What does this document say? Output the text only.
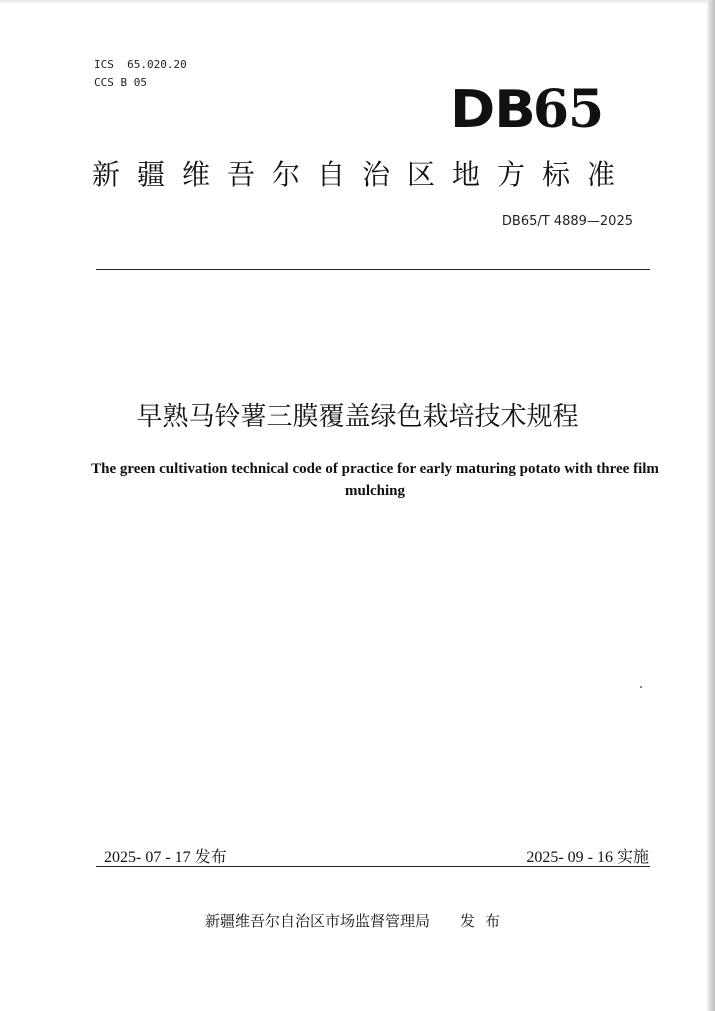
ICS  65.020.20
CCS B 05	DB65
新疆维吾尔自治区地方标准
DB65/T 4889—2025
早熟马铃薯三膜覆盖绿色栽培技术规程
The green cultivation technical code of practice for early maturing potato with three film mulching
2025- 07 - 17 发布	2025- 09 - 16 实施
新疆维吾尔自治区市场监督管理局 发布
